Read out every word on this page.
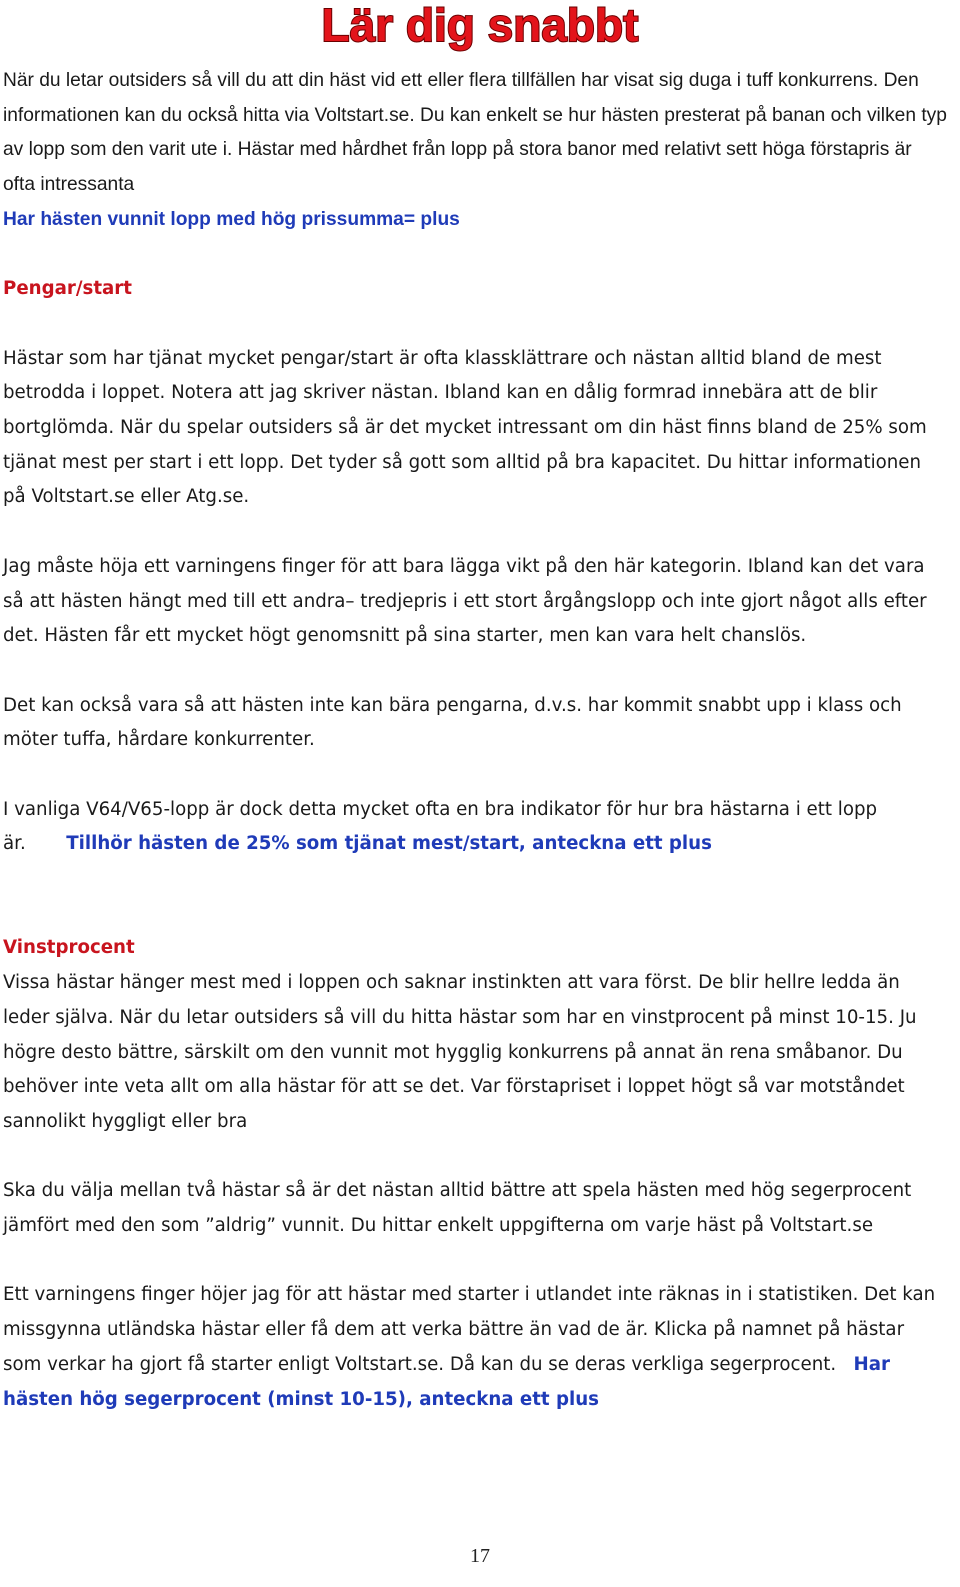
Lär dig snabbt

När du letar outsiders så vill du att din häst vid ett eller flera tillfällen har visat sig duga i tuff konkurrens. Den informationen kan du också hitta via Voltstart.se. Du kan enkelt se hur hästen presterat på banan och vilken typ av lopp som den varit ute i. Hästar med hårdhet från lopp på stora banor med relativt sett höga förstapris är ofta intressanta
Har hästen vunnit lopp med hög prissumma= plus

Pengar/start

Hästar som har tjänat mycket pengar/start är ofta klassklättrare och nästan alltid bland de mest betrodda i loppet. Notera att jag skriver nästan. Ibland kan en dålig formrad innebära att de blir bortglömda. När du spelar outsiders så är det mycket intressant om din häst finns bland de 25% som tjänat mest per start i ett lopp. Det tyder så gott som alltid på bra kapacitet. Du hittar informationen på Voltstart.se eller Atg.se.

Jag måste höja ett varningens finger för att bara lägga vikt på den här kategorin. Ibland kan det vara så att hästen hängt med till ett andra– tredjepris i ett stort årgångslopp och inte gjort något alls efter det. Hästen får ett mycket högt genomsnitt på sina starter, men kan vara helt chanslös.

Det kan också vara så att hästen inte kan bära pengarna, d.v.s. har kommit snabbt upp i klass och möter tuffa, hårdare konkurrenter.

I vanliga V64/V65-lopp är dock detta mycket ofta en bra indikator för hur bra hästarna i ett lopp är. Tillhör hästen de 25% som tjänat mest/start, anteckna ett plus

Vinstprocent

Vissa hästar hänger mest med i loppen och saknar instinkten att vara först. De blir hellre ledda än leder själva. När du letar outsiders så vill du hitta hästar som har en vinstprocent på minst 10-15. Ju högre desto bättre, särskilt om den vunnit mot hygglig konkurrens på annat än rena småbanor. Du behöver inte veta allt om alla hästar för att se det. Var förstapriset i loppet högt så var motståndet sannolikt hyggligt eller bra

Ska du välja mellan två hästar så är det nästan alltid bättre att spela hästen med hög segerprocent jämfört med den som ”aldrig” vunnit. Du hittar enkelt uppgifterna om varje häst på Voltstart.se

Ett varningens finger höjer jag för att hästar med starter i utlandet inte räknas in i statistiken. Det kan missgynna utländska hästar eller få dem att verka bättre än vad de är. Klicka på namnet på hästar som verkar ha gjort få starter enligt Voltstart.se. Då kan du se deras verkliga segerprocent. Har hästen hög segerprocent (minst 10-15), anteckna ett plus

17
